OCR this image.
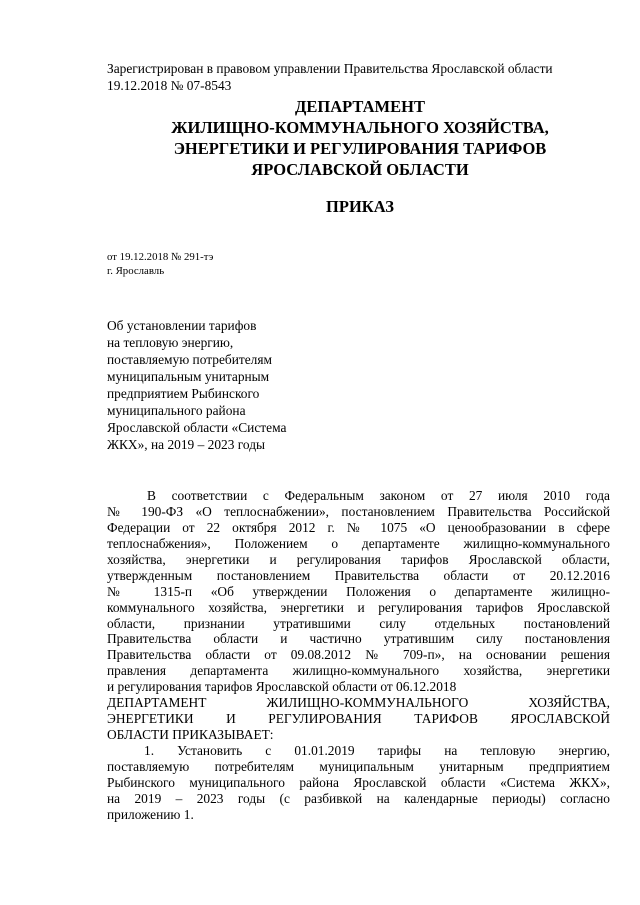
Зарегистрирован в правовом управлении Правительства Ярославской области
19.12.2018 № 07-8543
ДЕПАРТАМЕНТ
ЖИЛИЩНО-КОММУНАЛЬНОГО ХОЗЯЙСТВА,
ЭНЕРГЕТИКИ И РЕГУЛИРОВАНИЯ ТАРИФОВ
ЯРОСЛАВСКОЙ ОБЛАСТИ
ПРИКАЗ
от 19.12.2018 № 291-тэ
г. Ярославль
Об установлении тарифов
на тепловую энергию,
поставляемую потребителям
муниципальным унитарным
предприятием Рыбинского
муниципального района
Ярославской области «Система
ЖКХ», на 2019 – 2023 годы
В соответствии с Федеральным законом от 27 июля 2010 года
№ 190-ФЗ «О теплоснабжении», постановлением Правительства Российской
Федерации от 22 октября 2012 г. № 1075 «О ценообразовании в сфере
теплоснабжения», Положением о департаменте жилищно-коммунального
хозяйства, энергетики и регулирования тарифов Ярославской области,
утвержденным постановлением Правительства области от 20.12.2016
№ 1315-п «Об утверждении Положения о департаменте жилищно-
коммунального хозяйства, энергетики и регулирования тарифов Ярославской
области, признании утратившими силу отдельных постановлений
Правительства области и частично утратившим силу постановления
Правительства области от 09.08.2012 № 709-п», на основании решения
правления департамента жилищно-коммунального хозяйства, энергетики
и регулирования тарифов Ярославской области от 06.12.2018
ДЕПАРТАМЕНТ ЖИЛИЩНО-КОММУНАЛЬНОГО ХОЗЯЙСТВА,
ЭНЕРГЕТИКИ И РЕГУЛИРОВАНИЯ ТАРИФОВ ЯРОСЛАВСКОЙ
ОБЛАСТИ ПРИКАЗЫВАЕТ:
1. Установить с 01.01.2019 тарифы на тепловую энергию,
поставляемую потребителям муниципальным унитарным предприятием
Рыбинского муниципального района Ярославской области «Система ЖКХ»,
на 2019 – 2023 годы (с разбивкой на календарные периоды) согласно
приложению 1.
